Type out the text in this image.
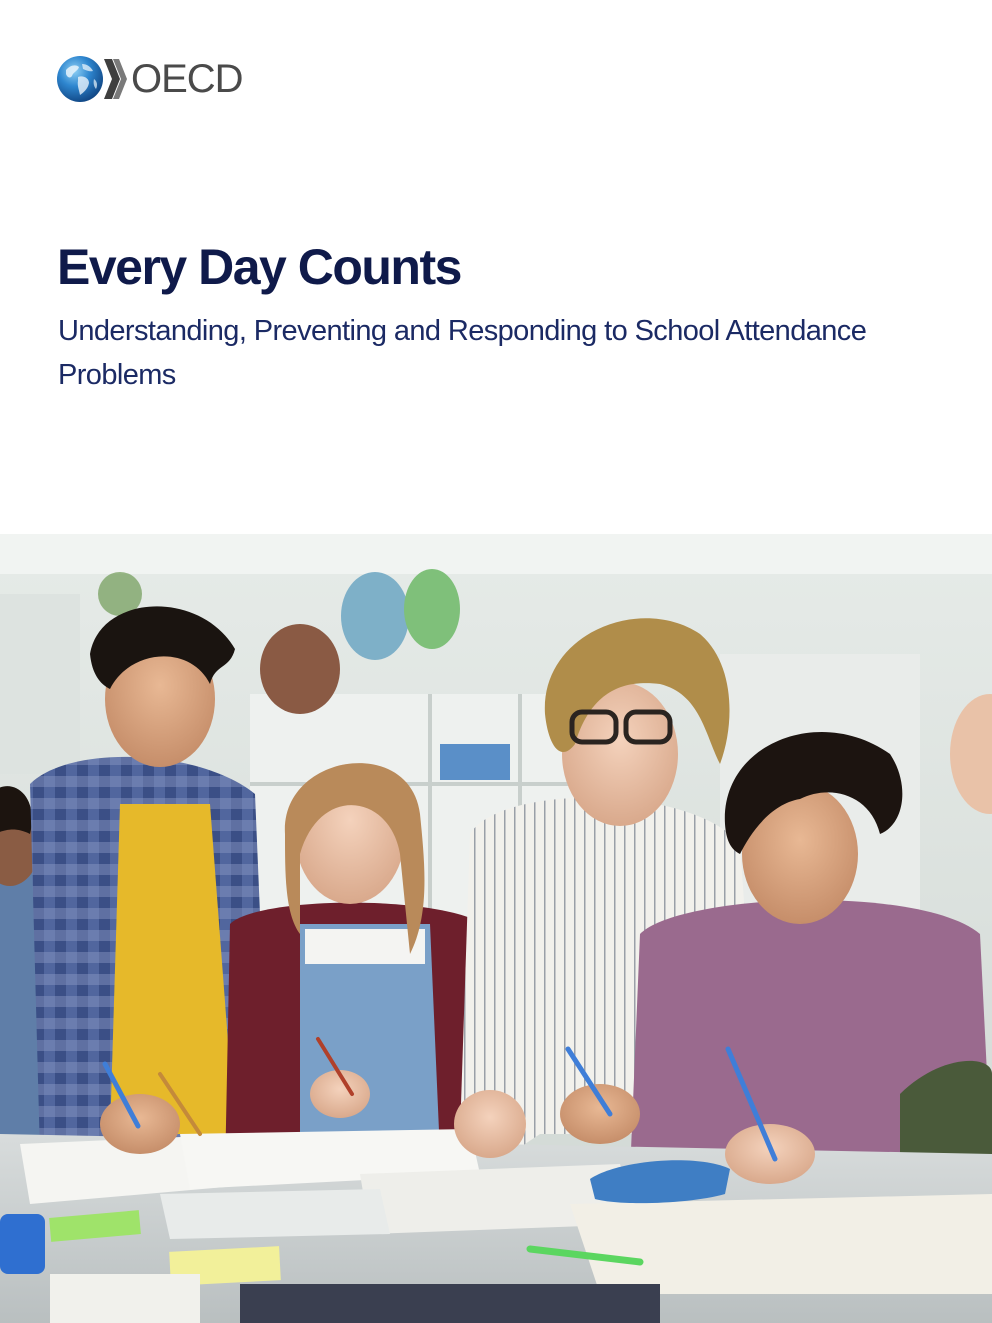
OECD
Every Day Counts

Understanding, Preventing and Responding to School Attendance Problems
